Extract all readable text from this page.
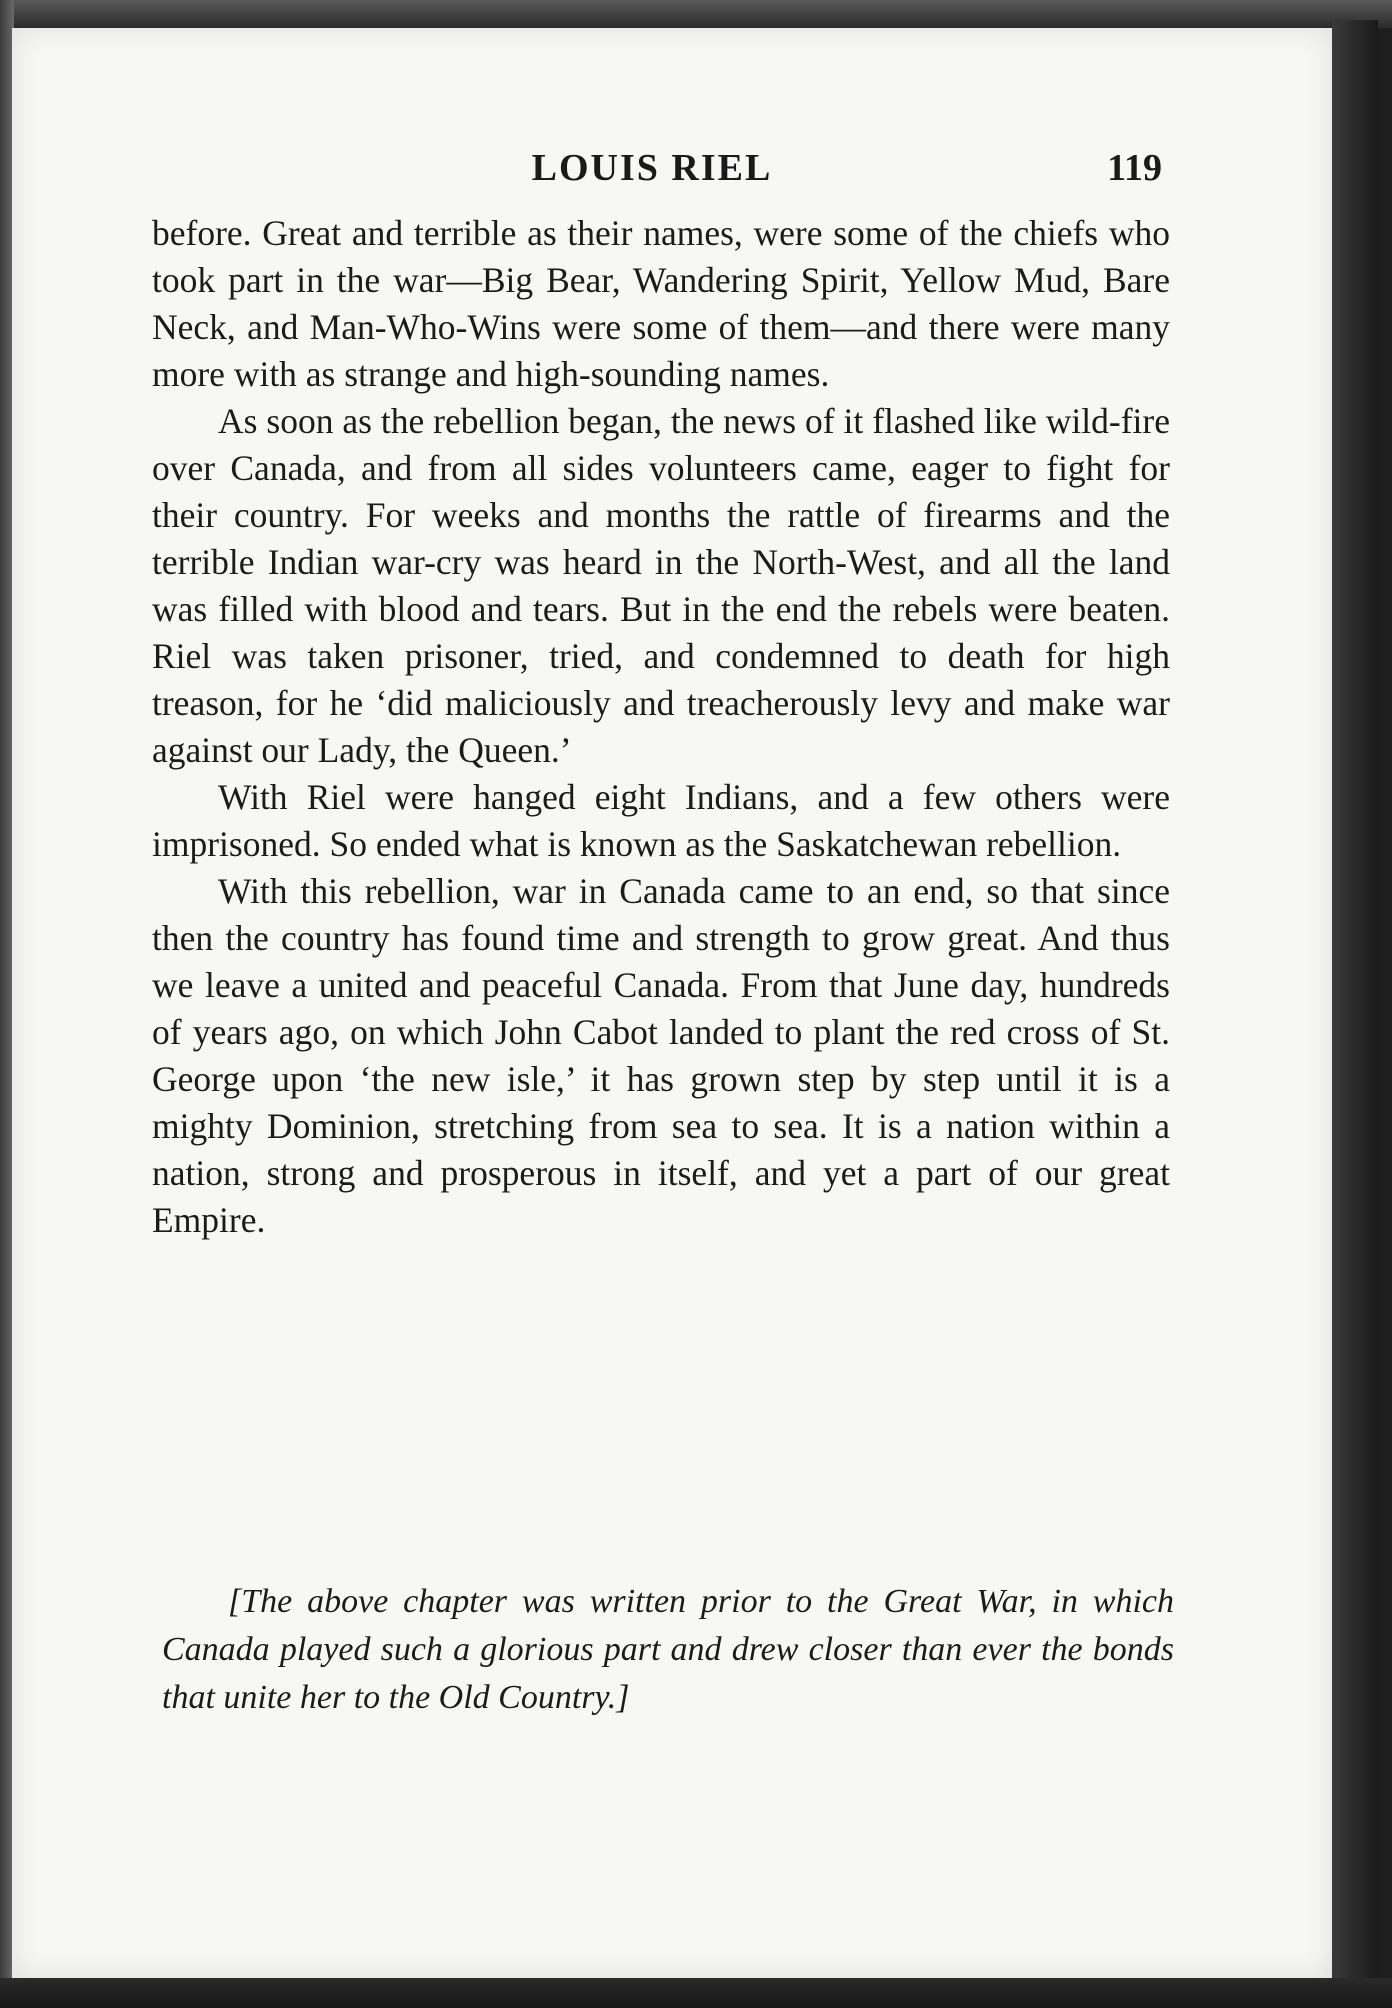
LOUIS RIEL	119

before. Great and terrible as their names, were some of the chiefs who took part in the war—Big Bear, Wandering Spirit, Yellow Mud, Bare Neck, and Man-Who-Wins were some of them—and there were many more with as strange and high-sounding names.

As soon as the rebellion began, the news of it flashed like wild-fire over Canada, and from all sides volunteers came, eager to fight for their country. For weeks and months the rattle of firearms and the terrible Indian war-cry was heard in the North-West, and all the land was filled with blood and tears. But in the end the rebels were beaten. Riel was taken prisoner, tried, and condemned to death for high treason, for he ‘did maliciously and treacherously levy and make war against our Lady, the Queen.’

With Riel were hanged eight Indians, and a few others were imprisoned. So ended what is known as the Saskatchewan rebellion.

With this rebellion, war in Canada came to an end, so that since then the country has found time and strength to grow great. And thus we leave a united and peaceful Canada. From that June day, hundreds of years ago, on which John Cabot landed to plant the red cross of St. George upon ‘the new isle,’ it has grown step by step until it is a mighty Dominion, stretching from sea to sea. It is a nation within a nation, strong and prosperous in itself, and yet a part of our great Empire.

[The above chapter was written prior to the Great War, in which Canada played such a glorious part and drew closer than ever the bonds that unite her to the Old Country.]
